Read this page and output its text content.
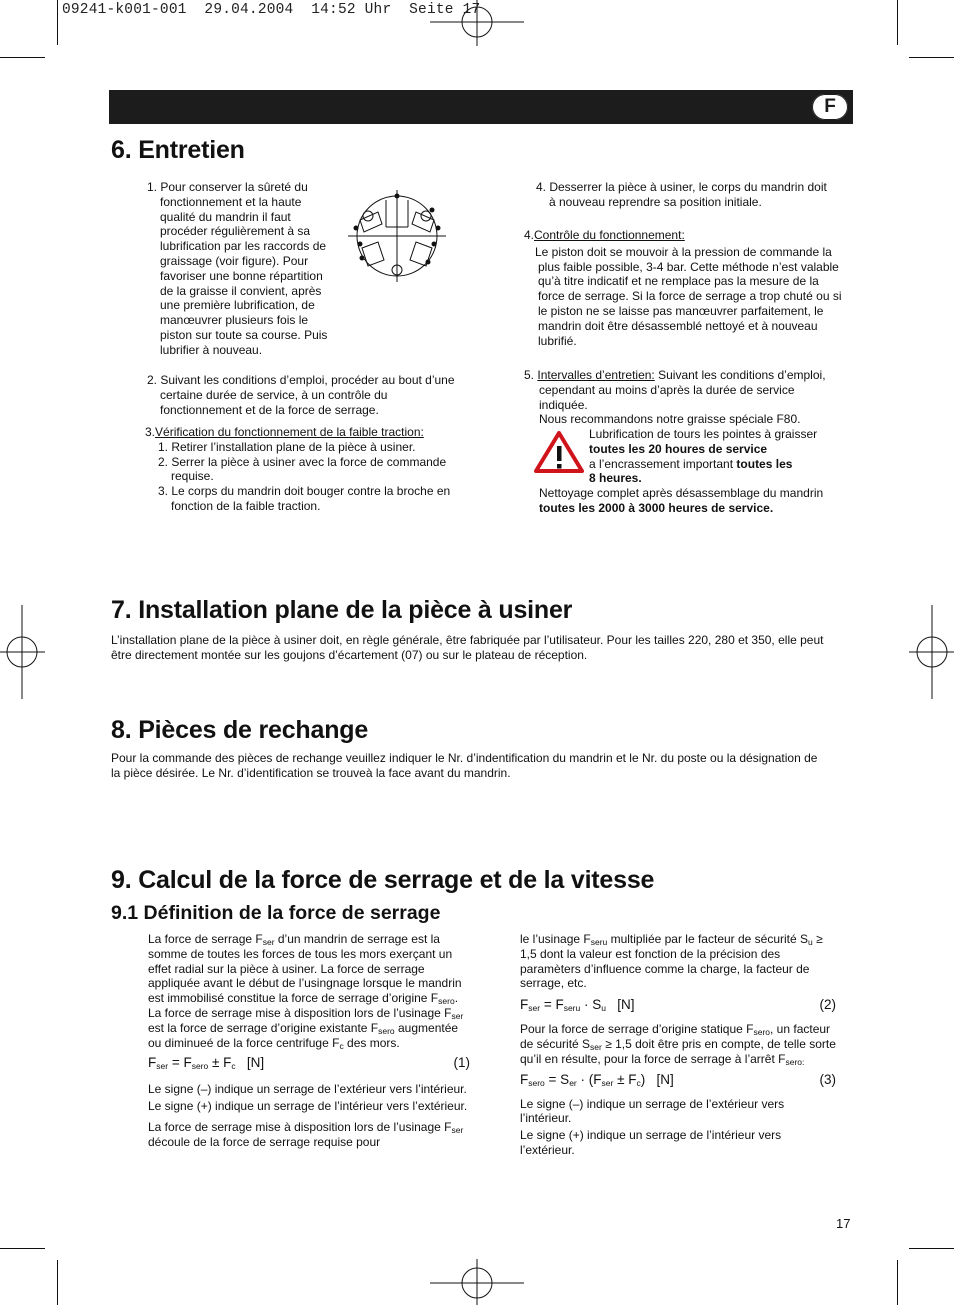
09241-k001-001  29.04.2004  14:52 Uhr  Seite 17
F
6. Entretien

1. Pour conserver la sûreté du fonctionnement et la haute qualité du mandrin il faut procéder régulièrement à sa lubrification par les raccords de graissage (voir figure). Pour favoriser une bonne répartition de la graisse il convient, après une première lubrification, de manœuvrer plusieurs fois le piston sur toute sa course. Puis lubrifier à nouveau.

2. Suivant les conditions d’emploi, procéder au bout d’une certaine durée de service, à un contrôle du fonctionnement et de la force de serrage.

3.Vérification du fonctionnement de la faible traction:

1. Retirer l’installation plane de la pièce à usiner.

2. Serrer la pièce à usiner avec la force de commande requise.

3. Le corps du mandrin doit bouger contre la broche en fonction de la faible traction.

4. Desserrer la pièce à usiner, le corps du mandrin doit à nouveau reprendre sa position initiale.

4.Contrôle du fonctionnement:

Le piston doit se mouvoir à la pression de commande la plus faible possible, 3-4 bar. Cette méthode n’est valable qu’à titre indicatif et ne remplace pas la mesure de la force de serrage. Si la force de serrage a trop chuté ou si le piston ne se laisse pas manœuvrer parfaitement, le mandrin doit être désassemblé nettoyé et à nouveau lubrifié.

5. Intervalles d’entretien: Suivant les conditions d’emploi, cependant au moins d’après la durée de service indiquée.

Nous recommandons notre graisse spéciale F80.

Lubrification de tours les pointes à graisser

toutes les 20 houres de service

a l’encrassement important toutes les

8 heures.

Nettoyage complet après désassemblage du mandrin

toutes les 2000 à 3000 heures de service.

7. Installation plane de la pièce à usiner
L’installation plane de la pièce à usiner doit, en règle générale, être fabriquée par l’utilisateur. Pour les tailles 220, 280 et 350, elle peut être directement montée sur les goujons d’écartement (07) ou sur le plateau de réception.
8. Pièces de rechange
Pour la commande des pièces de rechange veuillez indiquer le Nr. d’indentification du mandrin et le Nr. du poste ou la désignation de la pièce désirée. Le Nr. d’identification se trouveà la face avant du mandrin.
9. Calcul de la force de serrage et de la vitesse
9.1 Définition de la force de serrage

La force de serrage $F_{ser}$ d’un mandrin de serrage est la somme de toutes les forces de tous les mors exerçant un effet radial sur la pièce à usiner. La force de serrage appliquée avant le début de l’usingnage lorsque le mandrin est immobilisé constitue la force de serrage d’origine $F_{sero}$. La force de serrage mise à disposition lors de l’usinage $F_{ser}$ est la force de serrage d’origine existante $F_{sero}$ augmentée ou diminueé de la force centrifuge $F_c$ des mors.

$F_{ser} = F_{sero} \pm F_c$   [N]	(1)

Le signe (–) indique un serrage de l’extérieur vers l’intérieur.

Le signe (+) indique un serrage de l’intérieur vers l’extérieur.

La force de serrage mise à disposition lors de l’usinage $F_{ser}$ découle de la force de serrage requise pour

le l’usinage $F_{seru}$ multipliée par le facteur de sécurité $S_u \ge 1,5$ dont la valeur est fonction de la précision des paramèters d’influence comme la charge, la facteur de serrage, etc.

$F_{ser} = F_{seru} \cdot S_u$   [N]	(2)

Pour la force de serrage d’origine statique $F_{sero}$, un facteur de sécurité $S_{ser} \ge 1,5$ doit être pris en compte, de telle sorte qu’il en résulte, pour la force de serrage à l’arrêt $F_{sero:}$

$F_{sero} = S_{er} \cdot (F_{ser} \pm F_c)$   [N]	(3)

Le signe (–) indique un serrage de l’extérieur vers l’intérieur.

Le signe (+) indique un serrage de l’intérieur vers l’extérieur.

17
